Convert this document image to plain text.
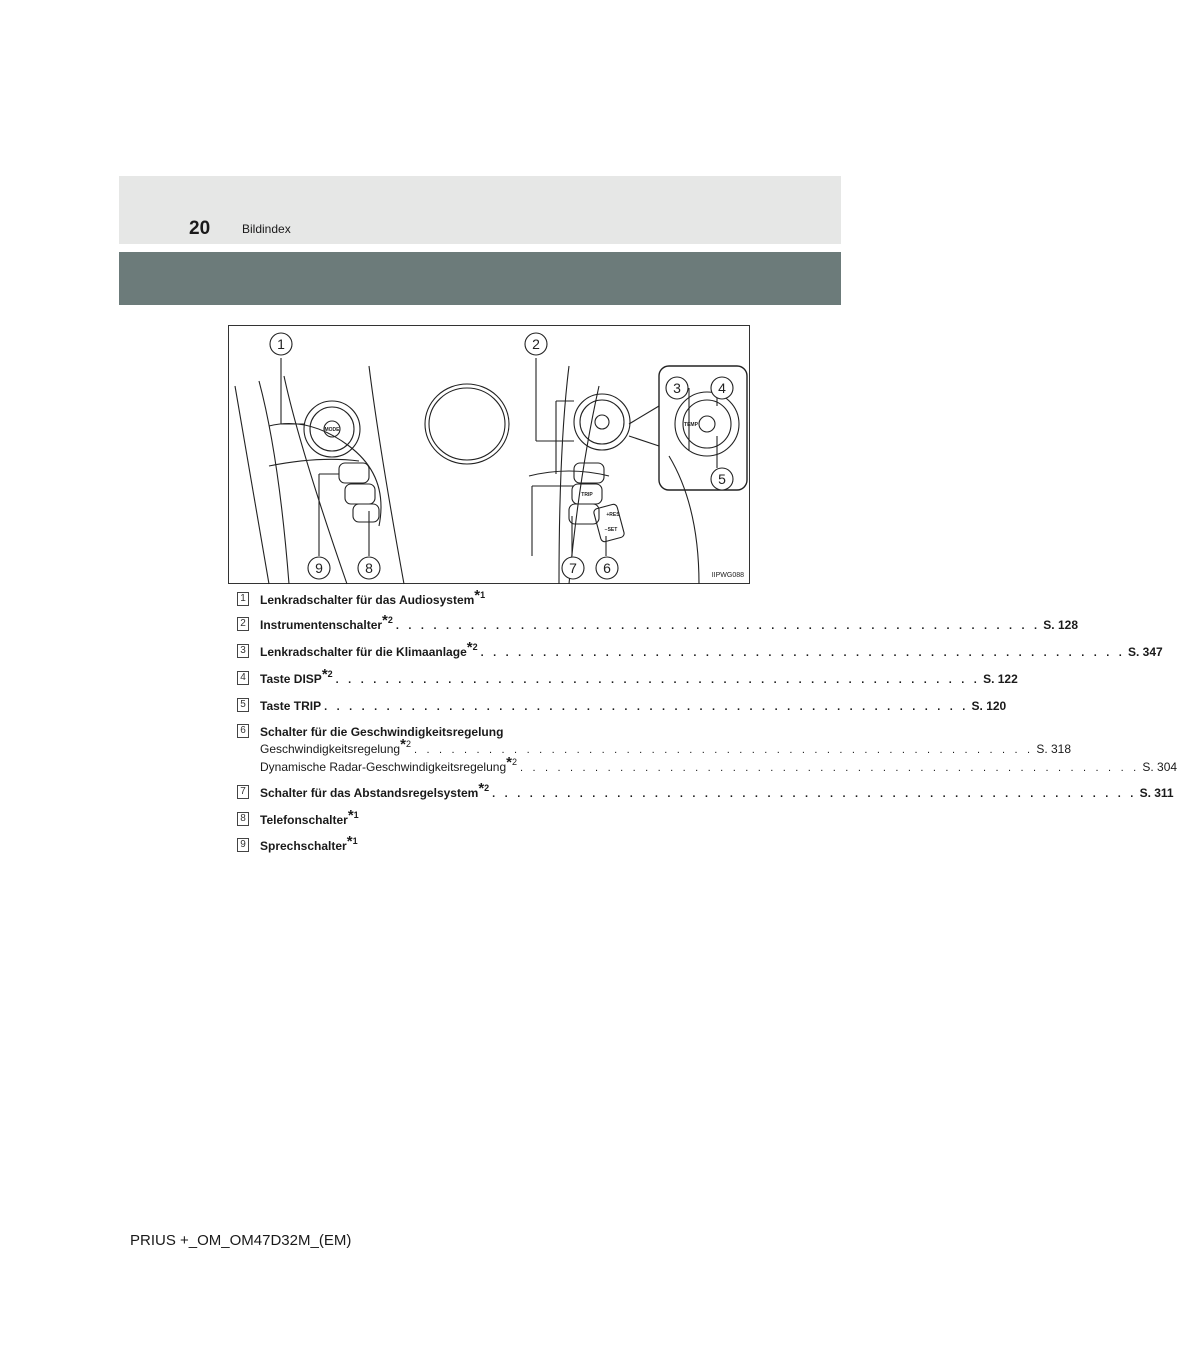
20	Bildindex
1	2
3	4
5
6
7
8
9
MODE
TRIP
TEMP
+RES
−SET
IIPWG088
1 Lenkradschalter für das Audiosystem*$^1$
2 Instrumentenschalter*$^2$ . . . . . . . . . . . . . . . . . . . . . . . . . . . . . . . . . . . . . . . . . . . . . . . . . . . . S. 128
3 Lenkradschalter für die Klimaanlage*$^2$ . . . . . . . . . . . . . . . . . . . . . . . . . . . . . . . . . . . . . . . . . . . . . . . . . . . . S. 347
4 Taste DISP*$^2$ . . . . . . . . . . . . . . . . . . . . . . . . . . . . . . . . . . . . . . . . . . . . . . . . . . . . S. 122
5 Taste TRIP . . . . . . . . . . . . . . . . . . . . . . . . . . . . . . . . . . . . . . . . . . . . . . . . . . . . S. 120
6 Schalter für die Geschwindigkeitsregelung
Geschwindigkeitsregelung*$^2$ . . . . . . . . . . . . . . . . . . . . . . . . . . . . . . . . . . . . . . . . . . . . . . . . . . S. 318
Dynamische Radar-Geschwindigkeitsregelung*$^2$ . . . . . . . . . . . . . . . . . . . . . . . . . . . . . . . . . . . . . . . . . . . . . . . . . . S. 304
7 Schalter für das Abstandsregelsystem*$^2$ . . . . . . . . . . . . . . . . . . . . . . . . . . . . . . . . . . . . . . . . . . . . . . . . . . . . S. 311
8 Telefonschalter*$^1$
9 Sprechschalter*$^1$
PRIUS +_OM_OM47D32M_(EM)
